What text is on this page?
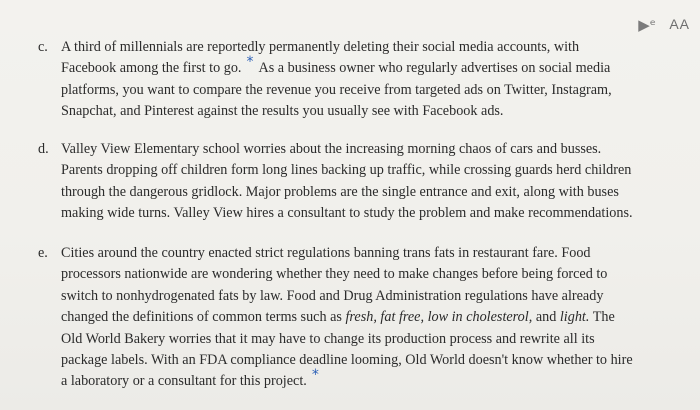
▶︎ᵉ AA
c. A third of millennials are reportedly permanently deleting their social media accounts, with
Facebook among the first to go. * As a business owner who regularly advertises on social media
platforms, you want to compare the revenue you receive from targeted ads on Twitter, Instagram,
Snapchat, and Pinterest against the results you usually see with Facebook ads.
d. Valley View Elementary school worries about the increasing morning chaos of cars and busses.
Parents dropping off children form long lines backing up traffic, while crossing guards herd children
through the dangerous gridlock. Major problems are the single entrance and exit, along with buses
making wide turns. Valley View hires a consultant to study the problem and make recommendations.
e. Cities around the country enacted strict regulations banning trans fats in restaurant fare. Food
processors nationwide are wondering whether they need to make changes before being forced to
switch to nonhydrogenated fats by law. Food and Drug Administration regulations have already
changed the definitions of common terms such as fresh, fat free, low in cholesterol, and light. The
Old World Bakery worries that it may have to change its production process and rewrite all its
package labels. With an FDA compliance deadline looming, Old World doesn't know whether to hire
a laboratory or a consultant for this project. *
